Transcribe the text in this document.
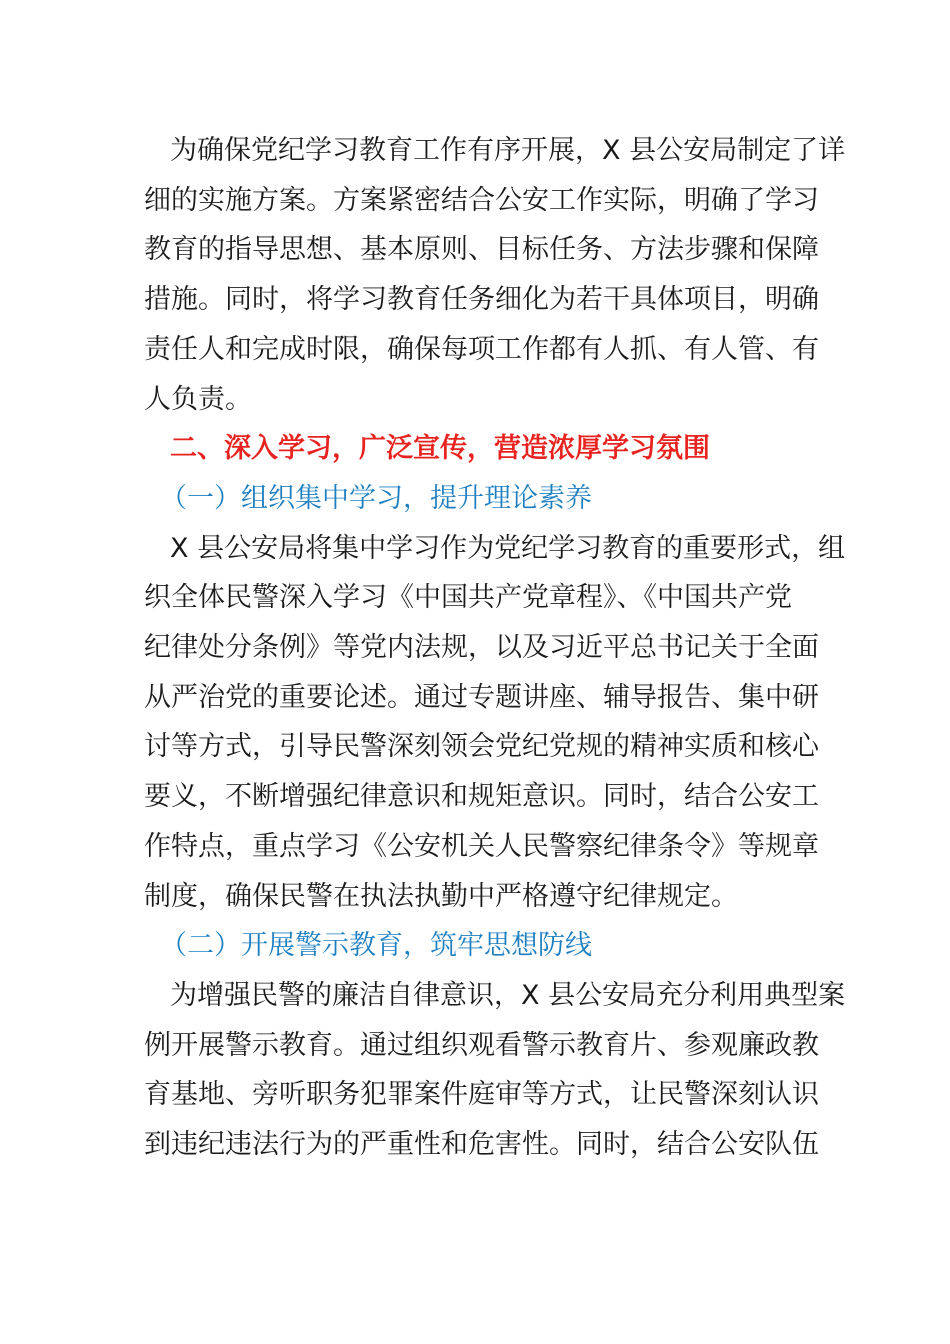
为确保党纪学习教育工作有序开展，X 县公安局制定了详
细的实施方案。方案紧密结合公安工作实际，明确了学习
教育的指导思想、基本原则、目标任务、方法步骤和保障
措施。同时，将学习教育任务细化为若干具体项目，明确
责任人和完成时限，确保每项工作都有人抓、有人管、有
人负责。
二、深入学习，广泛宣传，营造浓厚学习氛围
（一）组织集中学习，提升理论素养
X 县公安局将集中学习作为党纪学习教育的重要形式，组
织全体民警深入学习《中国共产党章程》、《中国共产党
纪律处分条例》等党内法规，以及习近平总书记关于全面
从严治党的重要论述。通过专题讲座、辅导报告、集中研
讨等方式，引导民警深刻领会党纪党规的精神实质和核心
要义，不断增强纪律意识和规矩意识。同时，结合公安工
作特点，重点学习《公安机关人民警察纪律条令》等规章
制度，确保民警在执法执勤中严格遵守纪律规定。
（二）开展警示教育，筑牢思想防线
为增强民警的廉洁自律意识，X 县公安局充分利用典型案
例开展警示教育。通过组织观看警示教育片、参观廉政教
育基地、旁听职务犯罪案件庭审等方式，让民警深刻认识
到违纪违法行为的严重性和危害性。同时，结合公安队伍
